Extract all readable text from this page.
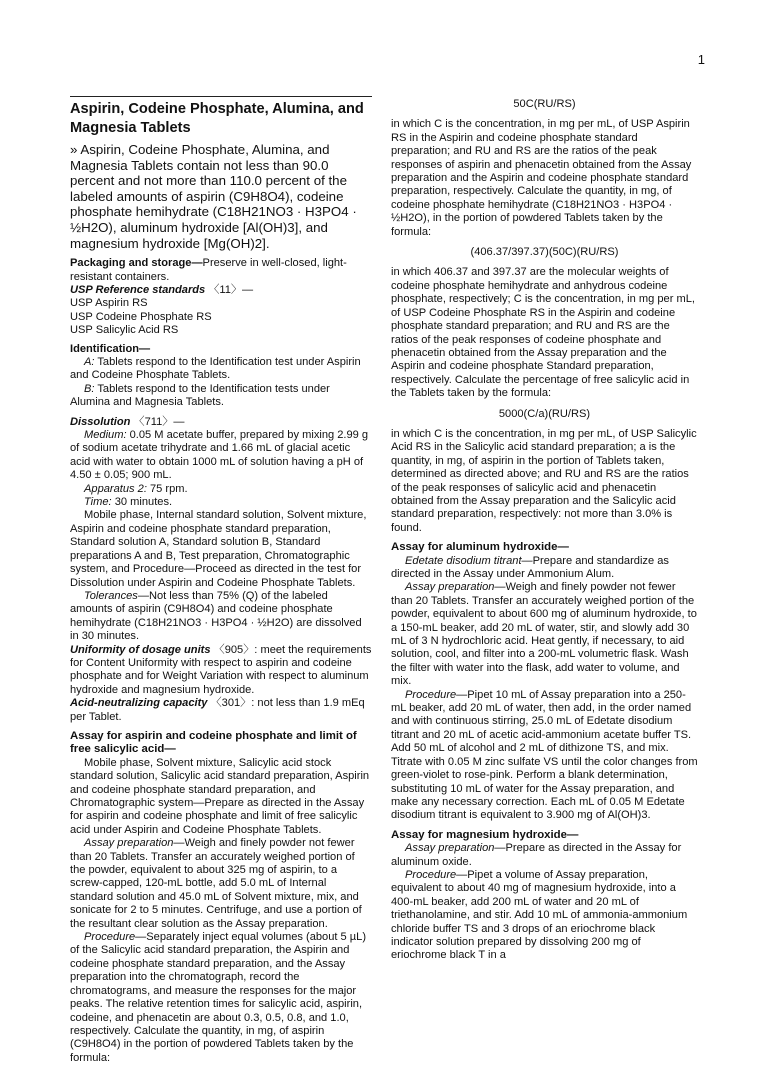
1
Aspirin, Codeine Phosphate, Alumina, and Magnesia Tablets

» Aspirin, Codeine Phosphate, Alumina, and Magnesia Tablets contain not less than 90.0 percent and not more than 110.0 percent of the labeled amounts of aspirin (C9H8O4), codeine phosphate hemihydrate (C18H21NO3 · H3PO4 · ½H2O), aluminum hydroxide [Al(OH)3], and magnesium hydroxide [Mg(OH)2].

Packaging and storage—Preserve in well-closed, light-resistant containers.

USP Reference standards 〈11〉—

USP Aspirin RS

USP Codeine Phosphate RS

USP Salicylic Acid RS

Identification—

A: Tablets respond to the Identification test under Aspirin and Codeine Phosphate Tablets.

B: Tablets respond to the Identification tests under Alumina and Magnesia Tablets.

Dissolution 〈711〉—

Medium: 0.05 M acetate buffer, prepared by mixing 2.99 g of sodium acetate trihydrate and 1.66 mL of glacial acetic acid with water to obtain 1000 mL of solution having a pH of 4.50 ± 0.05; 900 mL.

Apparatus 2: 75 rpm.

Time: 30 minutes.

Mobile phase, Internal standard solution, Solvent mixture, Aspirin and codeine phosphate standard preparation, Standard solution A, Standard solution B, Standard preparations A and B, Test preparation, Chromatographic system, and Procedure—Proceed as directed in the test for Dissolution under Aspirin and Codeine Phosphate Tablets.

Tolerances—Not less than 75% (Q) of the labeled amounts of aspirin (C9H8O4) and codeine phosphate hemihydrate (C18H21NO3 · H3PO4 · ½H2O) are dissolved in 30 minutes.

Uniformity of dosage units 〈905〉: meet the requirements for Content Uniformity with respect to aspirin and codeine phosphate and for Weight Variation with respect to aluminum hydroxide and magnesium hydroxide.

Acid-neutralizing capacity 〈301〉: not less than 1.9 mEq per Tablet.

Assay for aspirin and codeine phosphate and limit of free salicylic acid—

Mobile phase, Solvent mixture, Salicylic acid stock standard solution, Salicylic acid standard preparation, Aspirin and codeine phosphate standard preparation, and Chromatographic system—Prepare as directed in the Assay for aspirin and codeine phosphate and limit of free salicylic acid under Aspirin and Codeine Phosphate Tablets.

Assay preparation—Weigh and finely powder not fewer than 20 Tablets. Transfer an accurately weighed portion of the powder, equivalent to about 325 mg of aspirin, to a screw-capped, 120-mL bottle, add 5.0 mL of Internal standard solution and 45.0 mL of Solvent mixture, mix, and sonicate for 2 to 5 minutes. Centrifuge, and use a portion of the resultant clear solution as the Assay preparation.

Procedure—Separately inject equal volumes (about 5 µL) of the Salicylic acid standard preparation, the Aspirin and codeine phosphate standard preparation, and the Assay preparation into the chromatograph, record the chromatograms, and measure the responses for the major peaks. The relative retention times for salicylic acid, aspirin, codeine, and phenacetin are about 0.3, 0.5, 0.8, and 1.0, respectively. Calculate the quantity, in mg, of aspirin (C9H8O4) in the portion of powdered Tablets taken by the formula:

50C(RU/RS)

in which C is the concentration, in mg per mL, of USP Aspirin RS in the Aspirin and codeine phosphate standard preparation; and RU and RS are the ratios of the peak responses of aspirin and phenacetin obtained from the Assay preparation and the Aspirin and codeine phosphate standard preparation, respectively. Calculate the quantity, in mg, of codeine phosphate hemihydrate (C18H21NO3 · H3PO4 · ½H2O), in the portion of powdered Tablets taken by the formula:

(406.37/397.37)(50C)(RU/RS)

in which 406.37 and 397.37 are the molecular weights of codeine phosphate hemihydrate and anhydrous codeine phosphate, respectively; C is the concentration, in mg per mL, of USP Codeine Phosphate RS in the Aspirin and codeine phosphate standard preparation; and RU and RS are the ratios of the peak responses of codeine phosphate and phenacetin obtained from the Assay preparation and the Aspirin and codeine phosphate Standard preparation, respectively. Calculate the percentage of free salicylic acid in the Tablets taken by the formula:

5000(C/a)(RU/RS)

in which C is the concentration, in mg per mL, of USP Salicylic Acid RS in the Salicylic acid standard preparation; a is the quantity, in mg, of aspirin in the portion of Tablets taken, determined as directed above; and RU and RS are the ratios of the peak responses of salicylic acid and phenacetin obtained from the Assay preparation and the Salicylic acid standard preparation, respectively: not more than 3.0% is found.

Assay for aluminum hydroxide—

Edetate disodium titrant—Prepare and standardize as directed in the Assay under Ammonium Alum.

Assay preparation—Weigh and finely powder not fewer than 20 Tablets. Transfer an accurately weighed portion of the powder, equivalent to about 600 mg of aluminum hydroxide, to a 150-mL beaker, add 20 mL of water, stir, and slowly add 30 mL of 3 N hydrochloric acid. Heat gently, if necessary, to aid solution, cool, and filter into a 200-mL volumetric flask. Wash the filter with water into the flask, add water to volume, and mix.

Procedure—Pipet 10 mL of Assay preparation into a 250-mL beaker, add 20 mL of water, then add, in the order named and with continuous stirring, 25.0 mL of Edetate disodium titrant and 20 mL of acetic acid-ammonium acetate buffer TS. Add 50 mL of alcohol and 2 mL of dithizone TS, and mix. Titrate with 0.05 M zinc sulfate VS until the color changes from green-violet to rose-pink. Perform a blank determination, substituting 10 mL of water for the Assay preparation, and make any necessary correction. Each mL of 0.05 M Edetate disodium titrant is equivalent to 3.900 mg of Al(OH)3.

Assay for magnesium hydroxide—

Assay preparation—Prepare as directed in the Assay for aluminum oxide.

Procedure—Pipet a volume of Assay preparation, equivalent to about 40 mg of magnesium hydroxide, into a 400-mL beaker, add 200 mL of water and 20 mL of triethanolamine, and stir. Add 10 mL of ammonia-ammonium chloride buffer TS and 3 drops of an eriochrome black indicator solution prepared by dissolving 200 mg of eriochrome black T in a
